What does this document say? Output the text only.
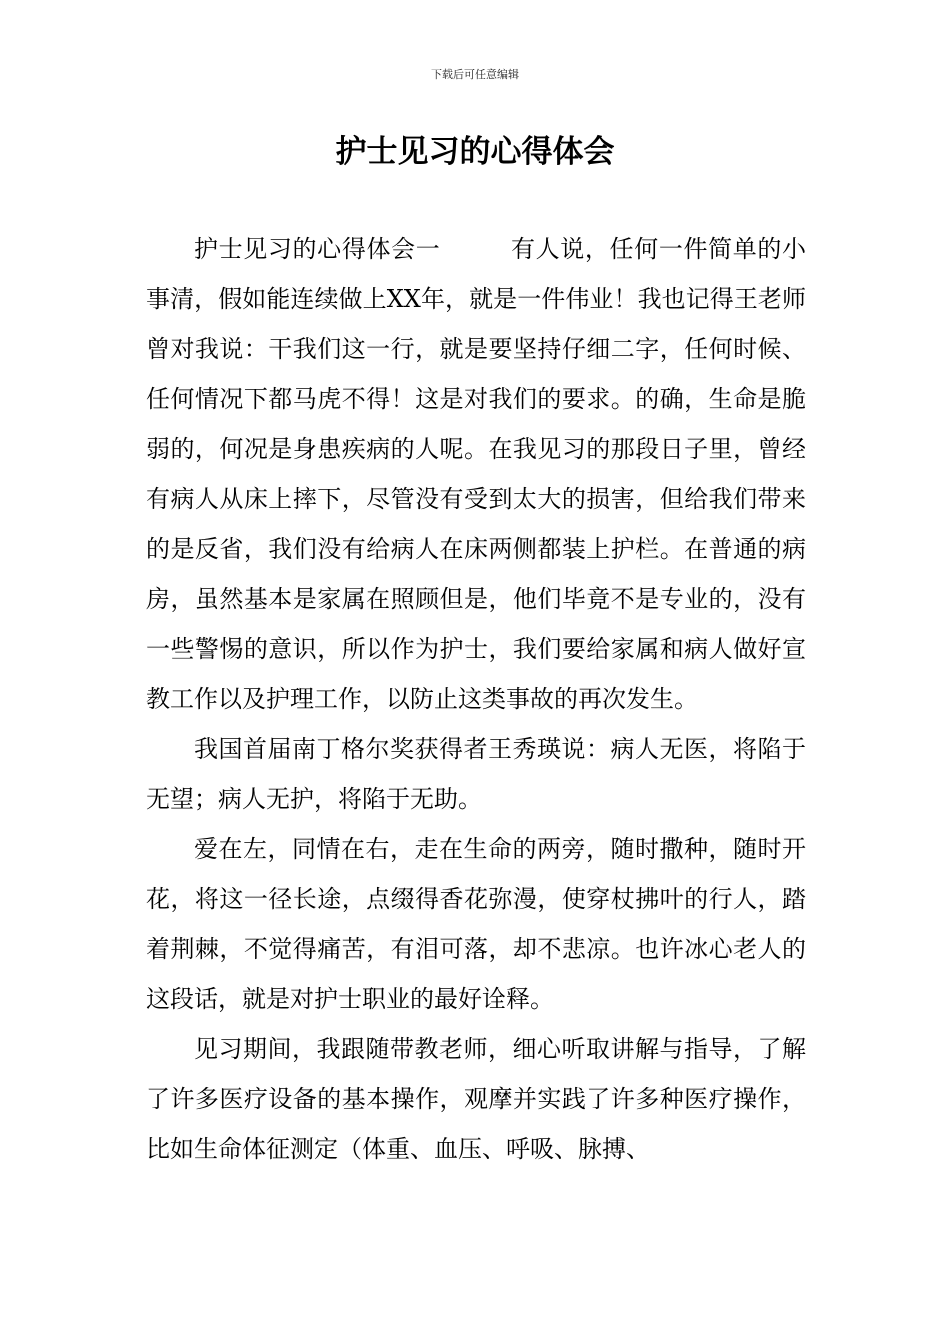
下载后可任意编辑
护士见习的心得体会

护士见习的心得体会一	有人说，任何一件简单的小事清，假如能连续做上XX年，就是一件伟业！我也记得王老师曾对我说：干我们这一行，就是要坚持仔细二字，任何时候、任何情况下都马虎不得！这是对我们的要求。的确，生命是脆弱的，何况是身患疾病的人呢。在我见习的那段日子里，曾经有病人从床上摔下，尽管没有受到太大的损害，但给我们带来的是反省，我们没有给病人在床两侧都装上护栏。在普通的病房，虽然基本是家属在照顾但是，他们毕竟不是专业的，没有一些警惕的意识，所以作为护士，我们要给家属和病人做好宣教工作以及护理工作，以防止这类事故的再次发生。

我国首届南丁格尔奖获得者王秀瑛说：病人无医，将陷于无望；病人无护，将陷于无助。

爱在左，同情在右，走在生命的两旁，随时撒种，随时开花，将这一径长途，点缀得香花弥漫，使穿杖拂叶的行人，踏着荆棘，不觉得痛苦，有泪可落，却不悲凉。也许冰心老人的这段话，就是对护士职业的最好诠释。

见习期间，我跟随带教老师，细心听取讲解与指导，了解了许多医疗设备的基本操作，观摩并实践了许多种医疗操作，比如生命体征测定（体重、血压、呼吸、脉搏、
